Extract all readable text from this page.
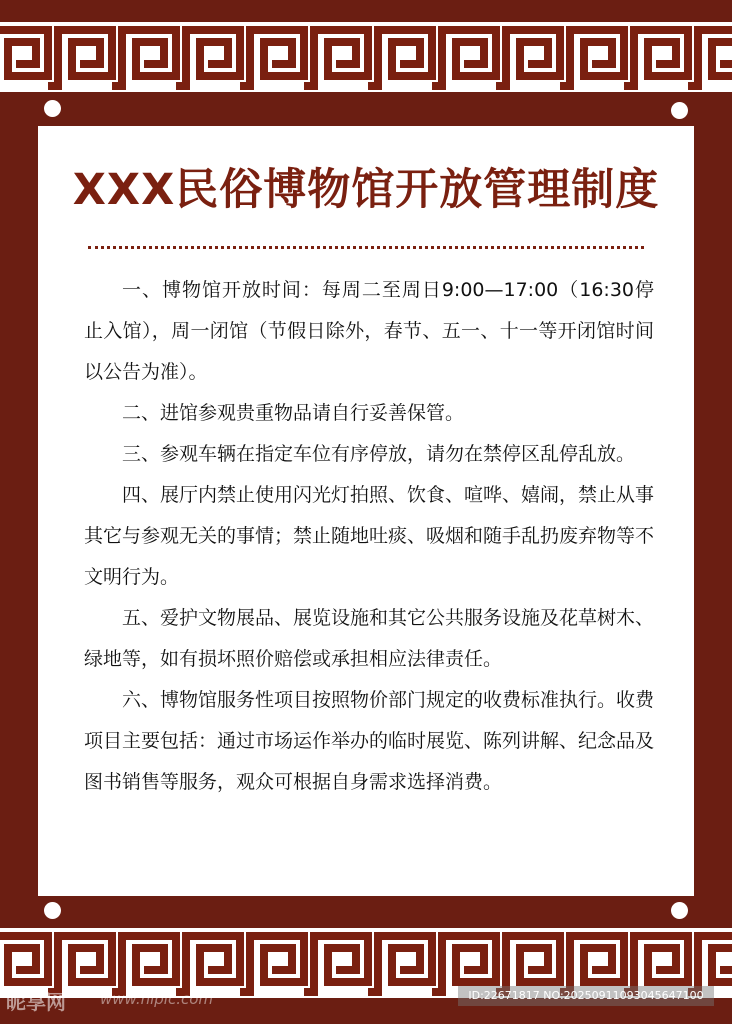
XXX民俗博物馆开放管理制度

一、博物馆开放时间：每周二至周日9:00—17:00（16:30停止入馆），周一闭馆（节假日除外，春节、五一、十一等开闭馆时间以公告为准）。

二、进馆参观贵重物品请自行妥善保管。

三、参观车辆在指定车位有序停放，请勿在禁停区乱停乱放。

四、展厅内禁止使用闪光灯拍照、饮食、喧哗、嬉闹，禁止从事其它与参观无关的事情；禁止随地吐痰、吸烟和随手乱扔废弃物等不文明行为。

五、爱护文物展品、展览设施和其它公共服务设施及花草树木、绿地等，如有损坏照价赔偿或承担相应法律责任。

六、博物馆服务性项目按照物价部门规定的收费标准执行。收费项目主要包括：通过市场运作举办的临时展览、陈列讲解、纪念品及图书销售等服务，观众可根据自身需求选择消费。

昵享网 www.nipic.com	ID:22671817 NO:20250911093045647100
